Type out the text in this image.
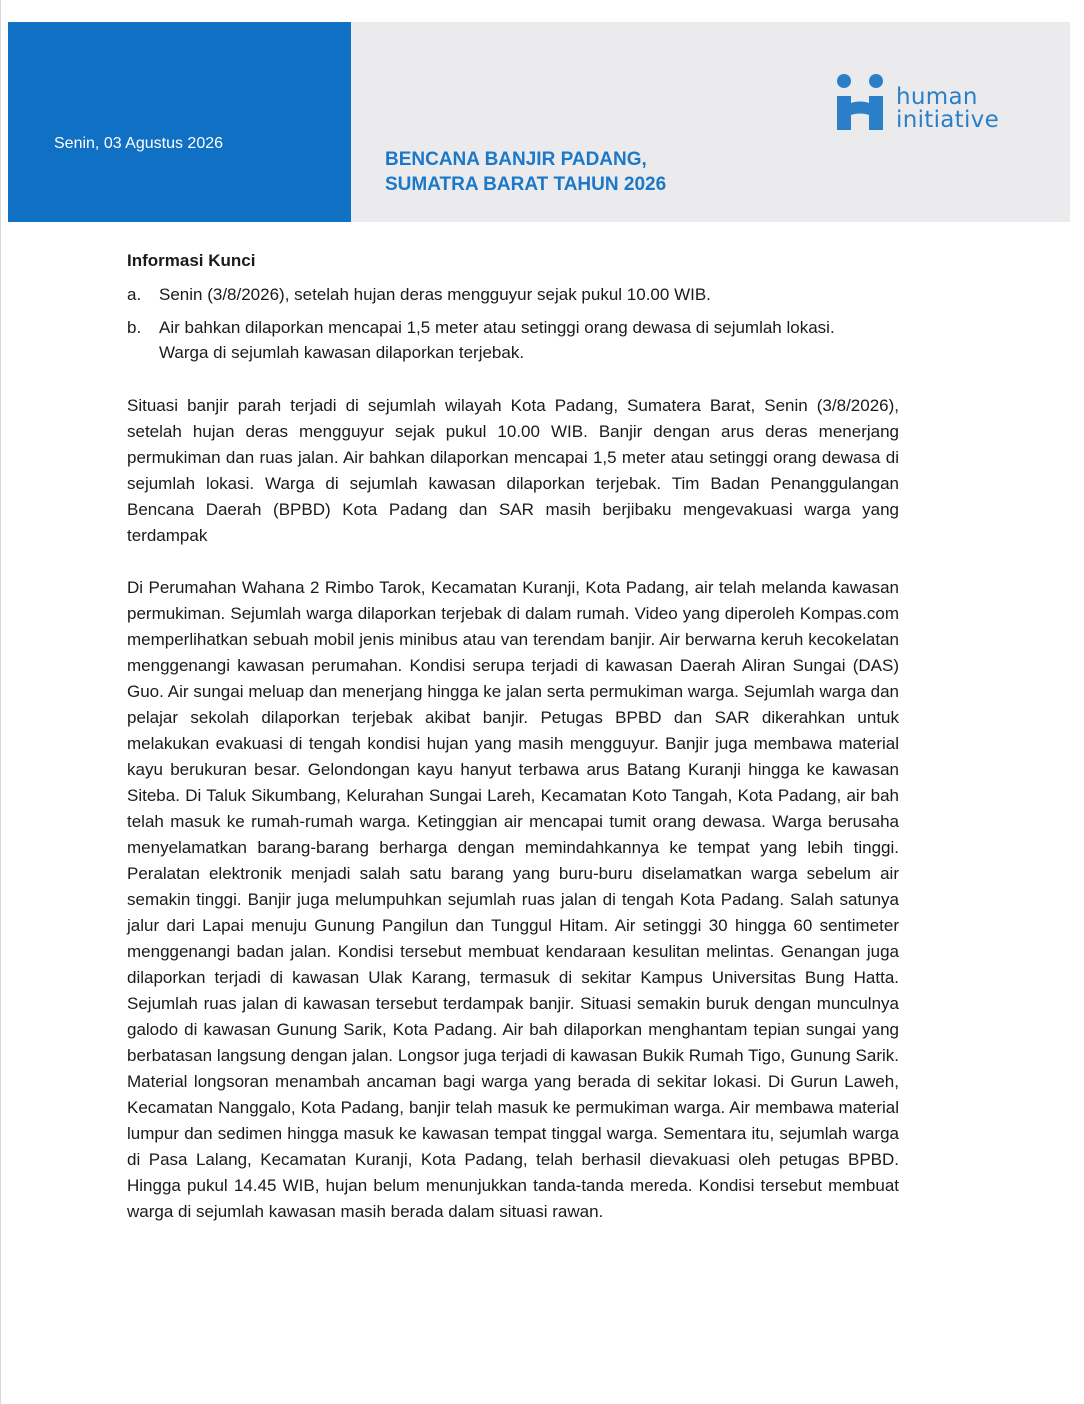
Senin, 03 Agustus 2026
BENCANA BANJIR PADANG,
SUMATRA BARAT TAHUN 2026
human
initiative
Informasi Kunci
a. Senin (3/8/2026), setelah hujan deras mengguyur sejak pukul 10.00 WIB.
b. Air bahkan dilaporkan mencapai 1,5 meter atau setinggi orang dewasa di sejumlah lokasi. Warga di sejumlah kawasan dilaporkan terjebak.

Situasi banjir parah terjadi di sejumlah wilayah Kota Padang, Sumatera Barat, Senin (3/8/2026), setelah hujan deras mengguyur sejak pukul 10.00 WIB. Banjir dengan arus deras menerjang permukiman dan ruas jalan. Air bahkan dilaporkan mencapai 1,5 meter atau setinggi orang dewasa di sejumlah lokasi. Warga di sejumlah kawasan dilaporkan terjebak. Tim Badan Penanggulangan Bencana Daerah (BPBD) Kota Padang dan SAR masih berjibaku mengevakuasi warga yang terdampak

Di Perumahan Wahana 2 Rimbo Tarok, Kecamatan Kuranji, Kota Padang, air telah melanda kawasan permukiman. Sejumlah warga dilaporkan terjebak di dalam rumah. Video yang diperoleh Kompas.com memperlihatkan sebuah mobil jenis minibus atau van terendam banjir. Air berwarna keruh kecokelatan menggenangi kawasan perumahan. Kondisi serupa terjadi di kawasan Daerah Aliran Sungai (DAS) Guo. Air sungai meluap dan menerjang hingga ke jalan serta permukiman warga. Sejumlah warga dan pelajar sekolah dilaporkan terjebak akibat banjir. Petugas BPBD dan SAR dikerahkan untuk melakukan evakuasi di tengah kondisi hujan yang masih mengguyur. Banjir juga membawa material kayu berukuran besar. Gelondongan kayu hanyut terbawa arus Batang Kuranji hingga ke kawasan Siteba. Di Taluk Sikumbang, Kelurahan Sungai Lareh, Kecamatan Koto Tangah, Kota Padang, air bah telah masuk ke rumah-rumah warga. Ketinggian air mencapai tumit orang dewasa. Warga berusaha menyelamatkan barang-barang berharga dengan memindahkannya ke tempat yang lebih tinggi. Peralatan elektronik menjadi salah satu barang yang buru-buru diselamatkan warga sebelum air semakin tinggi. Banjir juga melumpuhkan sejumlah ruas jalan di tengah Kota Padang. Salah satunya jalur dari Lapai menuju Gunung Pangilun dan Tunggul Hitam. Air setinggi 30 hingga 60 sentimeter menggenangi badan jalan. Kondisi tersebut membuat kendaraan kesulitan melintas. Genangan juga dilaporkan terjadi di kawasan Ulak Karang, termasuk di sekitar Kampus Universitas Bung Hatta. Sejumlah ruas jalan di kawasan tersebut terdampak banjir. Situasi semakin buruk dengan munculnya galodo di kawasan Gunung Sarik, Kota Padang. Air bah dilaporkan menghantam tepian sungai yang berbatasan langsung dengan jalan. Longsor juga terjadi di kawasan Bukik Rumah Tigo, Gunung Sarik. Material longsoran menambah ancaman bagi warga yang berada di sekitar lokasi. Di Gurun Laweh, Kecamatan Nanggalo, Kota Padang, banjir telah masuk ke permukiman warga. Air membawa material lumpur dan sedimen hingga masuk ke kawasan tempat tinggal warga. Sementara itu, sejumlah warga di Pasa Lalang, Kecamatan Kuranji, Kota Padang, telah berhasil dievakuasi oleh petugas BPBD. Hingga pukul 14.45 WIB, hujan belum menunjukkan tanda-tanda mereda. Kondisi tersebut membuat warga di sejumlah kawasan masih berada dalam situasi rawan.
